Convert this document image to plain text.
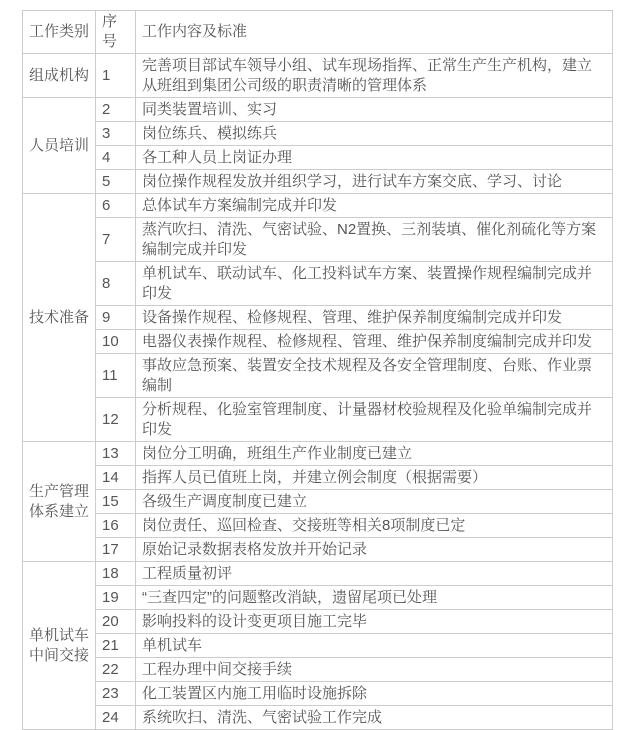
工作类别	序号	工作内容及标准
组成机构	1	完善项目部试车领导小组、试车现场指挥、正常生产生产机构，建立从班组到集团公司级的职责清晰的管理体系
人员培训	2	同类装置培训、实习
	3	岗位练兵、模拟练兵
	4	各工种人员上岗证办理
	5	岗位操作规程发放并组织学习，进行试车方案交底、学习、讨论
技术准备	6	总体试车方案编制完成并印发
	7	蒸汽吹扫、清洗、气密试验、N2置换、三剂装填、催化剂硫化等方案编制完成并印发
	8	单机试车、联动试车、化工投料试车方案、装置操作规程编制完成并印发
	9	设备操作规程、检修规程、管理、维护保养制度编制完成并印发
	10	电器仪表操作规程、检修规程、管理、维护保养制度编制完成并印发
	11	事故应急预案、装置安全技术规程及各安全管理制度、台账、作业票编制
	12	分析规程、化验室管理制度、计量器材校验规程及化验单编制完成并印发
生产管理体系建立	13	岗位分工明确，班组生产作业制度已建立
	14	指挥人员已值班上岗，并建立例会制度（根据需要）
	15	各级生产调度制度已建立
	16	岗位责任、巡回检查、交接班等相关8项制度已定
	17	原始记录数据表格发放并开始记录
单机试车中间交接	18	工程质量初评
	19	“三查四定”的问题整改消缺，遗留尾项已处理
	20	影响投料的设计变更项目施工完毕
	21	单机试车
	22	工程办理中间交接手续
	23	化工装置区内施工用临时设施拆除
	24	系统吹扫、清洗、气密试验工作完成
